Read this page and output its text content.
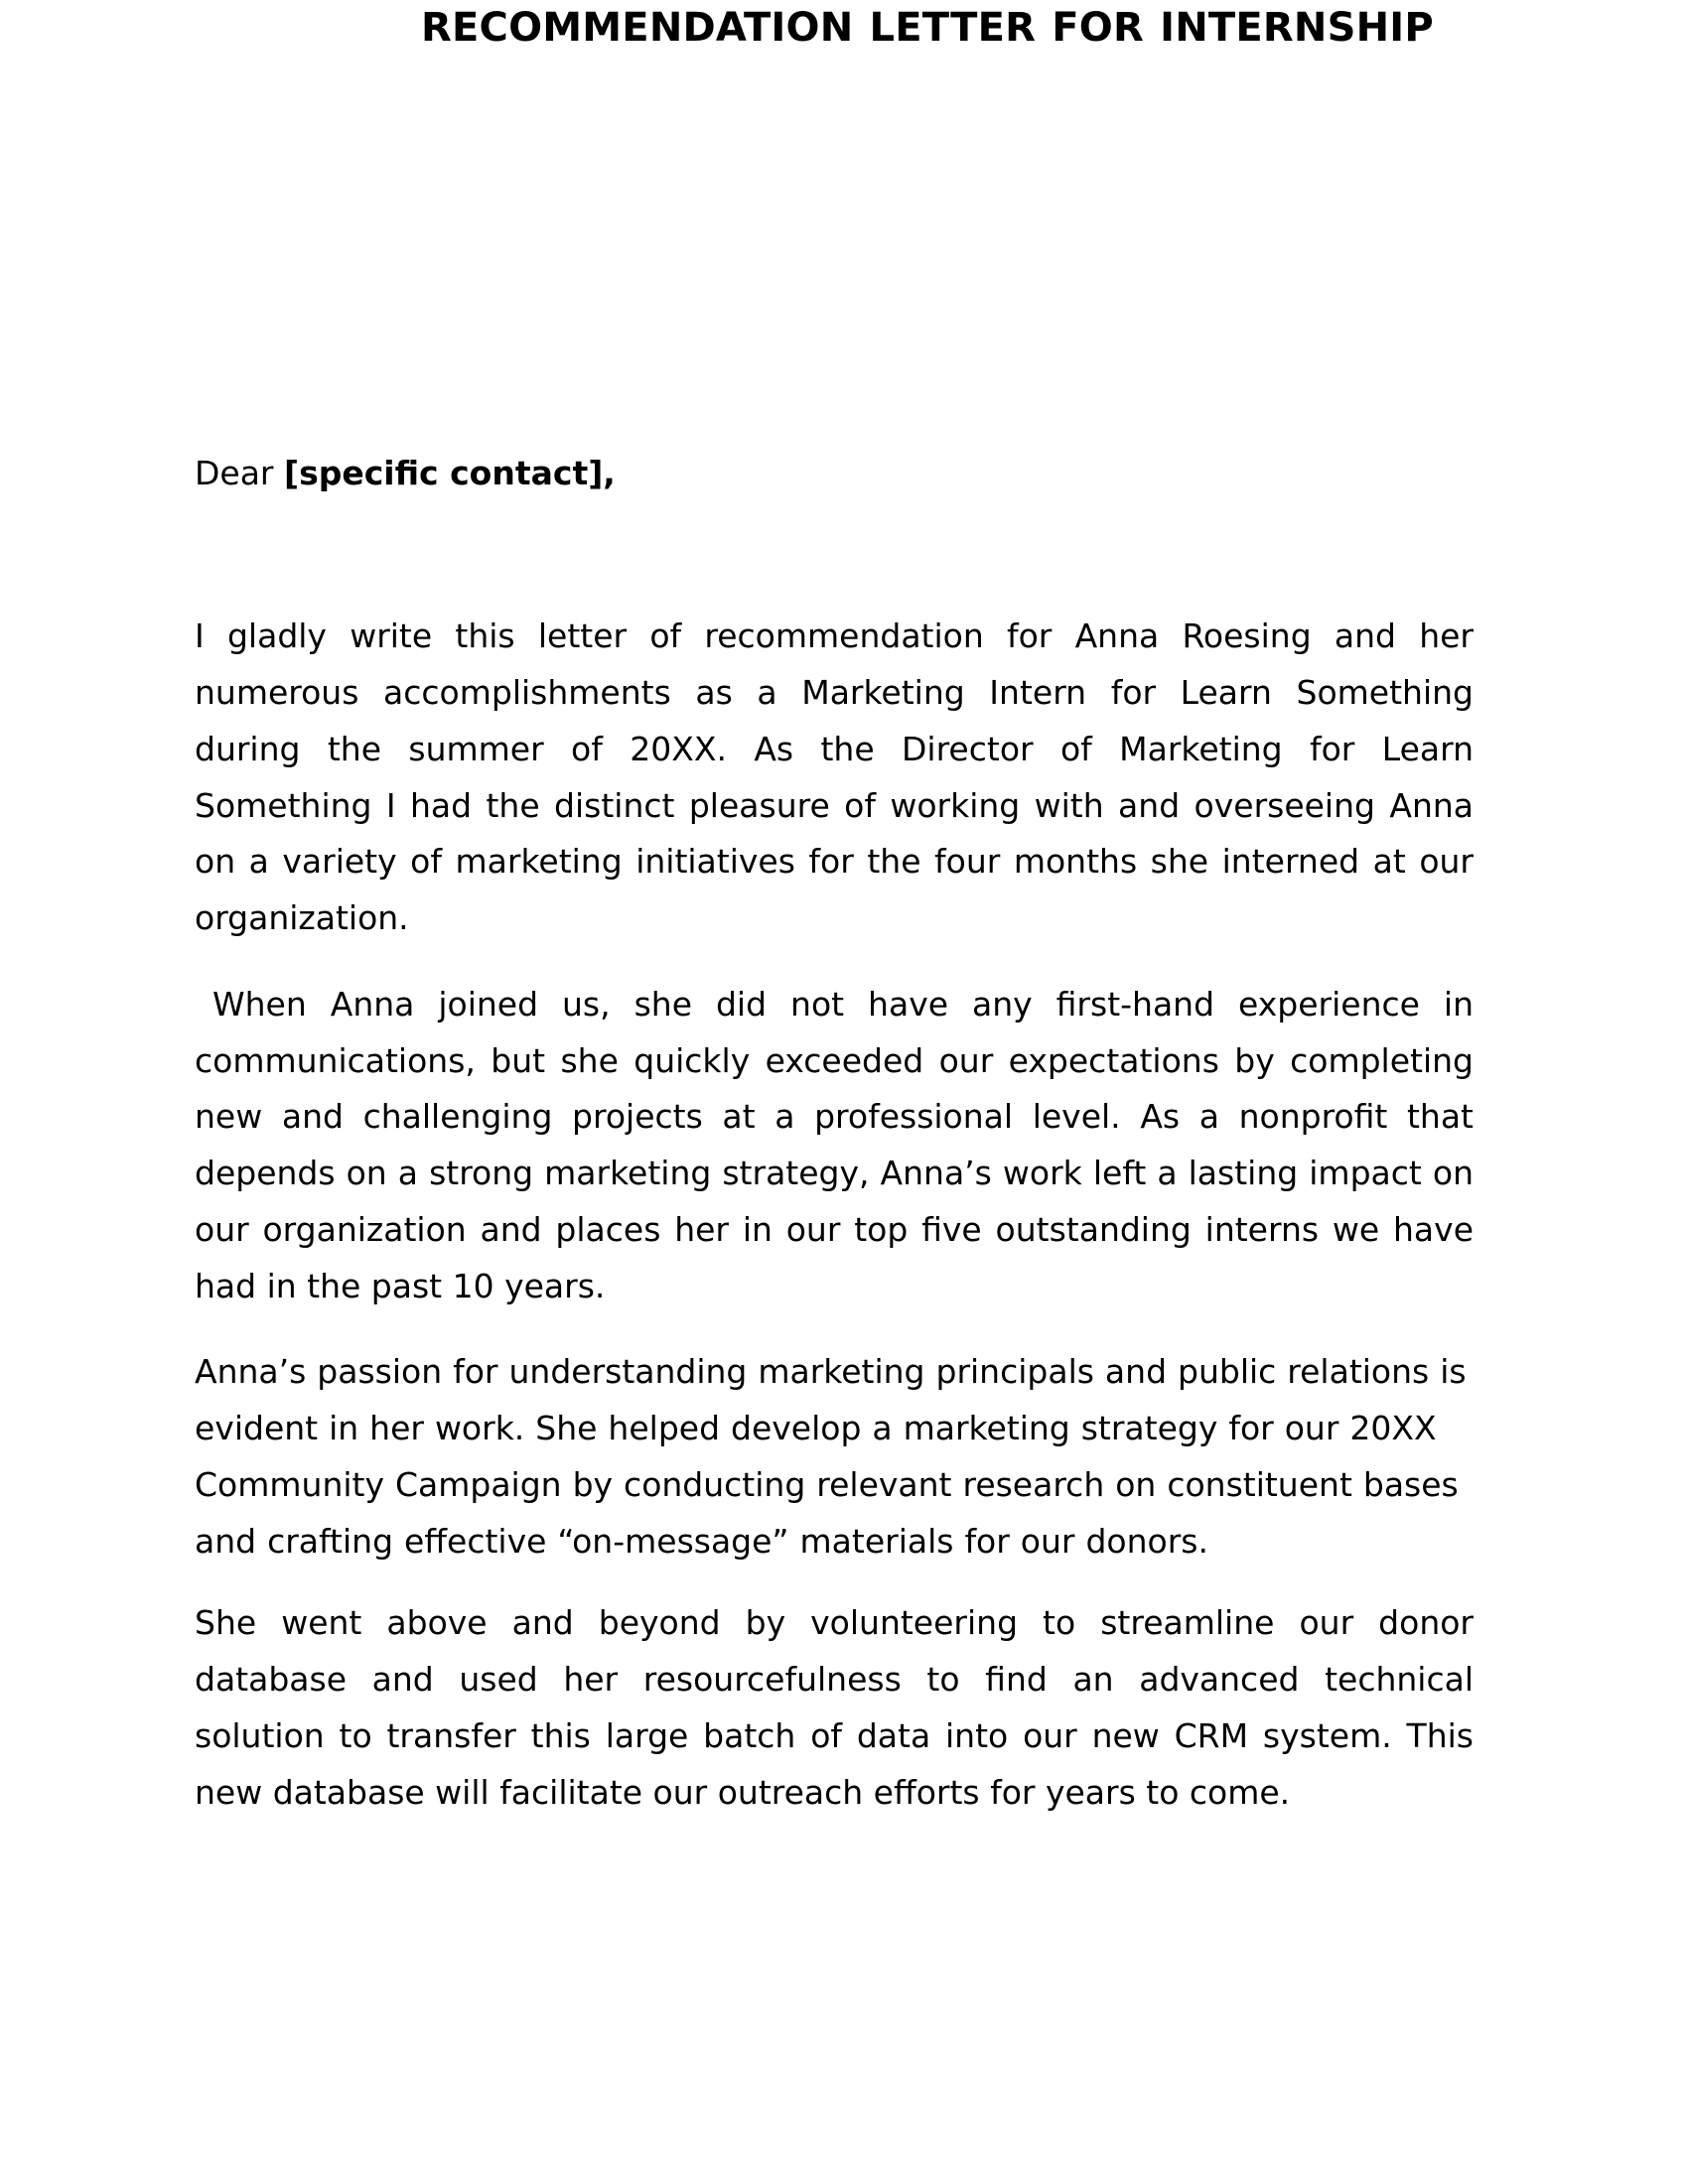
RECOMMENDATION LETTER FOR INTERNSHIP

Dear [specific contact],

I gladly write this letter of recommendation for Anna Roesing and her numerous accomplishments as a Marketing Intern for Learn Something during the summer of 20XX. As the Director of Marketing for Learn Something I had the distinct pleasure of working with and overseeing Anna on a variety of marketing initiatives for the four months she interned at our organization.

When Anna joined us, she did not have any first-hand experience in communications, but she quickly exceeded our expectations by completing new and challenging projects at a professional level. As a nonprofit that depends on a strong marketing strategy, Anna’s work left a lasting impact on our organization and places her in our top five outstanding interns we have had in the past 10 years.

Anna’s passion for understanding marketing principals and public relations is evident in her work. She helped develop a marketing strategy for our 20XX Community Campaign by conducting relevant research on constituent bases and crafting effective “on-message” materials for our donors.

She went above and beyond by volunteering to streamline our donor database and used her resourcefulness to find an advanced technical solution to transfer this large batch of data into our new CRM system. This new database will facilitate our outreach efforts for years to come.
